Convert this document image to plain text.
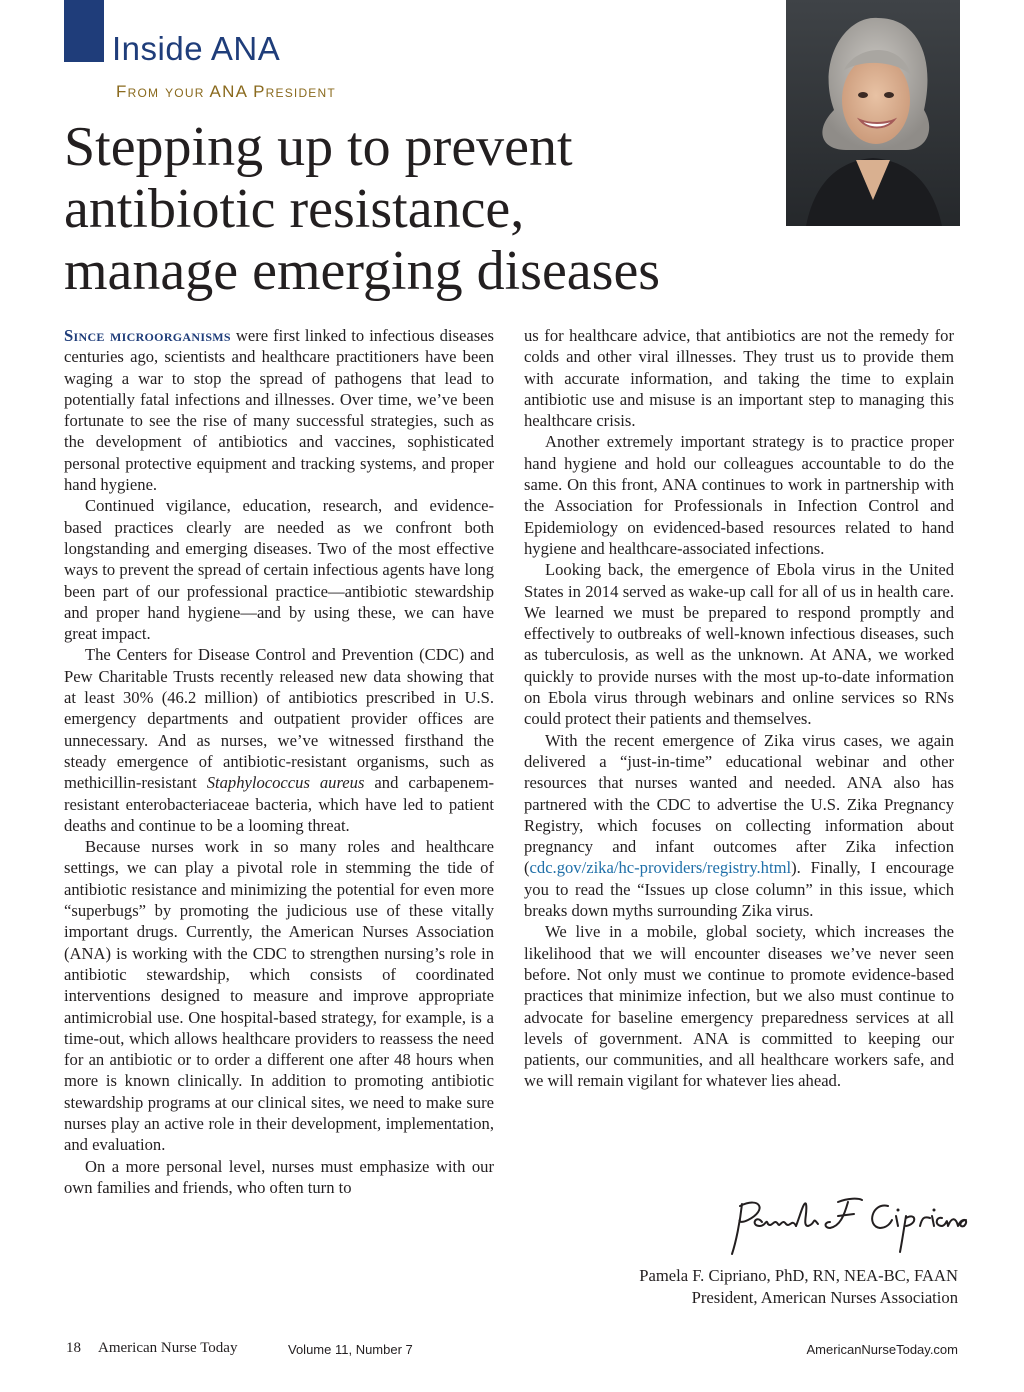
Inside ANA
From your ANA President
Stepping up to prevent
antibiotic resistance,
manage emerging diseases

Since microorganisms were first linked to infectious diseases centuries ago, scientists and healthcare practitioners have been waging a war to stop the spread of pathogens that lead to potentially fatal infections and illnesses. Over time, we’ve been fortunate to see the rise of many successful strategies, such as the development of antibiotics and vaccines, sophisticated personal protective equipment and tracking systems, and proper hand hygiene.

Continued vigilance, education, research, and evidence-based practices clearly are needed as we confront both longstanding and emerging diseases. Two of the most effective ways to prevent the spread of certain infectious agents have long been part of our professional practice—antibiotic stewardship and proper hand hygiene—and by using these, we can have great impact.

The Centers for Disease Control and Prevention (CDC) and Pew Charitable Trusts recently released new data showing that at least 30% (46.2 million) of antibiotics prescribed in U.S. emergency departments and outpatient provider offices are unnecessary. And as nurses, we’ve witnessed firsthand the steady emergence of antibiotic-resistant organisms, such as methicillin-resistant Staphylococcus aureus and carbapenem-resistant enterobacteriaceae bacteria, which have led to patient deaths and continue to be a looming threat.

Because nurses work in so many roles and healthcare settings, we can play a pivotal role in stemming the tide of antibiotic resistance and minimizing the potential for even more “superbugs” by promoting the judicious use of these vitally important drugs. Currently, the American Nurses Association (ANA) is working with the CDC to strengthen nursing’s role in antibiotic stewardship, which consists of coordinated interventions designed to measure and improve appropriate antimicrobial use. One hospital-based strategy, for example, is a time-out, which allows healthcare providers to reassess the need for an antibiotic or to order a different one after 48 hours when more is known clinically. In addition to promoting antibiotic stewardship programs at our clinical sites, we need to make sure nurses play an active role in their development, implementation, and evaluation.

On a more personal level, nurses must emphasize with our own families and friends, who often turn to

us for healthcare advice, that antibiotics are not the remedy for colds and other viral illnesses. They trust us to provide them with accurate information, and taking the time to explain antibiotic use and misuse is an important step to managing this healthcare crisis.

Another extremely important strategy is to practice proper hand hygiene and hold our colleagues accountable to do the same. On this front, ANA continues to work in partnership with the Association for Professionals in Infection Control and Epidemiology on evidenced-based resources related to hand hygiene and healthcare-associated infections.

Looking back, the emergence of Ebola virus in the United States in 2014 served as wake-up call for all of us in health care. We learned we must be prepared to respond promptly and effectively to outbreaks of well-known infectious diseases, such as tuberculosis, as well as the unknown. At ANA, we worked quickly to provide nurses with the most up-to-date information on Ebola virus through webinars and online services so RNs could protect their patients and themselves.

With the recent emergence of Zika virus cases, we again delivered a “just-in-time” educational webinar and other resources that nurses wanted and needed. ANA also has partnered with the CDC to advertise the U.S. Zika Pregnancy Registry, which focuses on collecting information about pregnancy and infant outcomes after Zika infection (cdc.gov/zika/hc-providers/registry.html). Finally, I encourage you to read the “Issues up close column” in this issue, which breaks down myths surrounding Zika virus.

We live in a mobile, global society, which increases the likelihood that we will encounter diseases we’ve never seen before. Not only must we continue to promote evidence-based practices that minimize infection, but we also must continue to advocate for baseline emergency preparedness services at all levels of government. ANA is committed to keeping our patients, our communities, and all healthcare workers safe, and we will remain vigilant for whatever lies ahead.

Pamela F. Cipriano, PhD, RN, NEA-BC, FAAN
President, American Nurses Association
18 American Nurse Today	Volume 11, Number 7	AmericanNurseToday.com
